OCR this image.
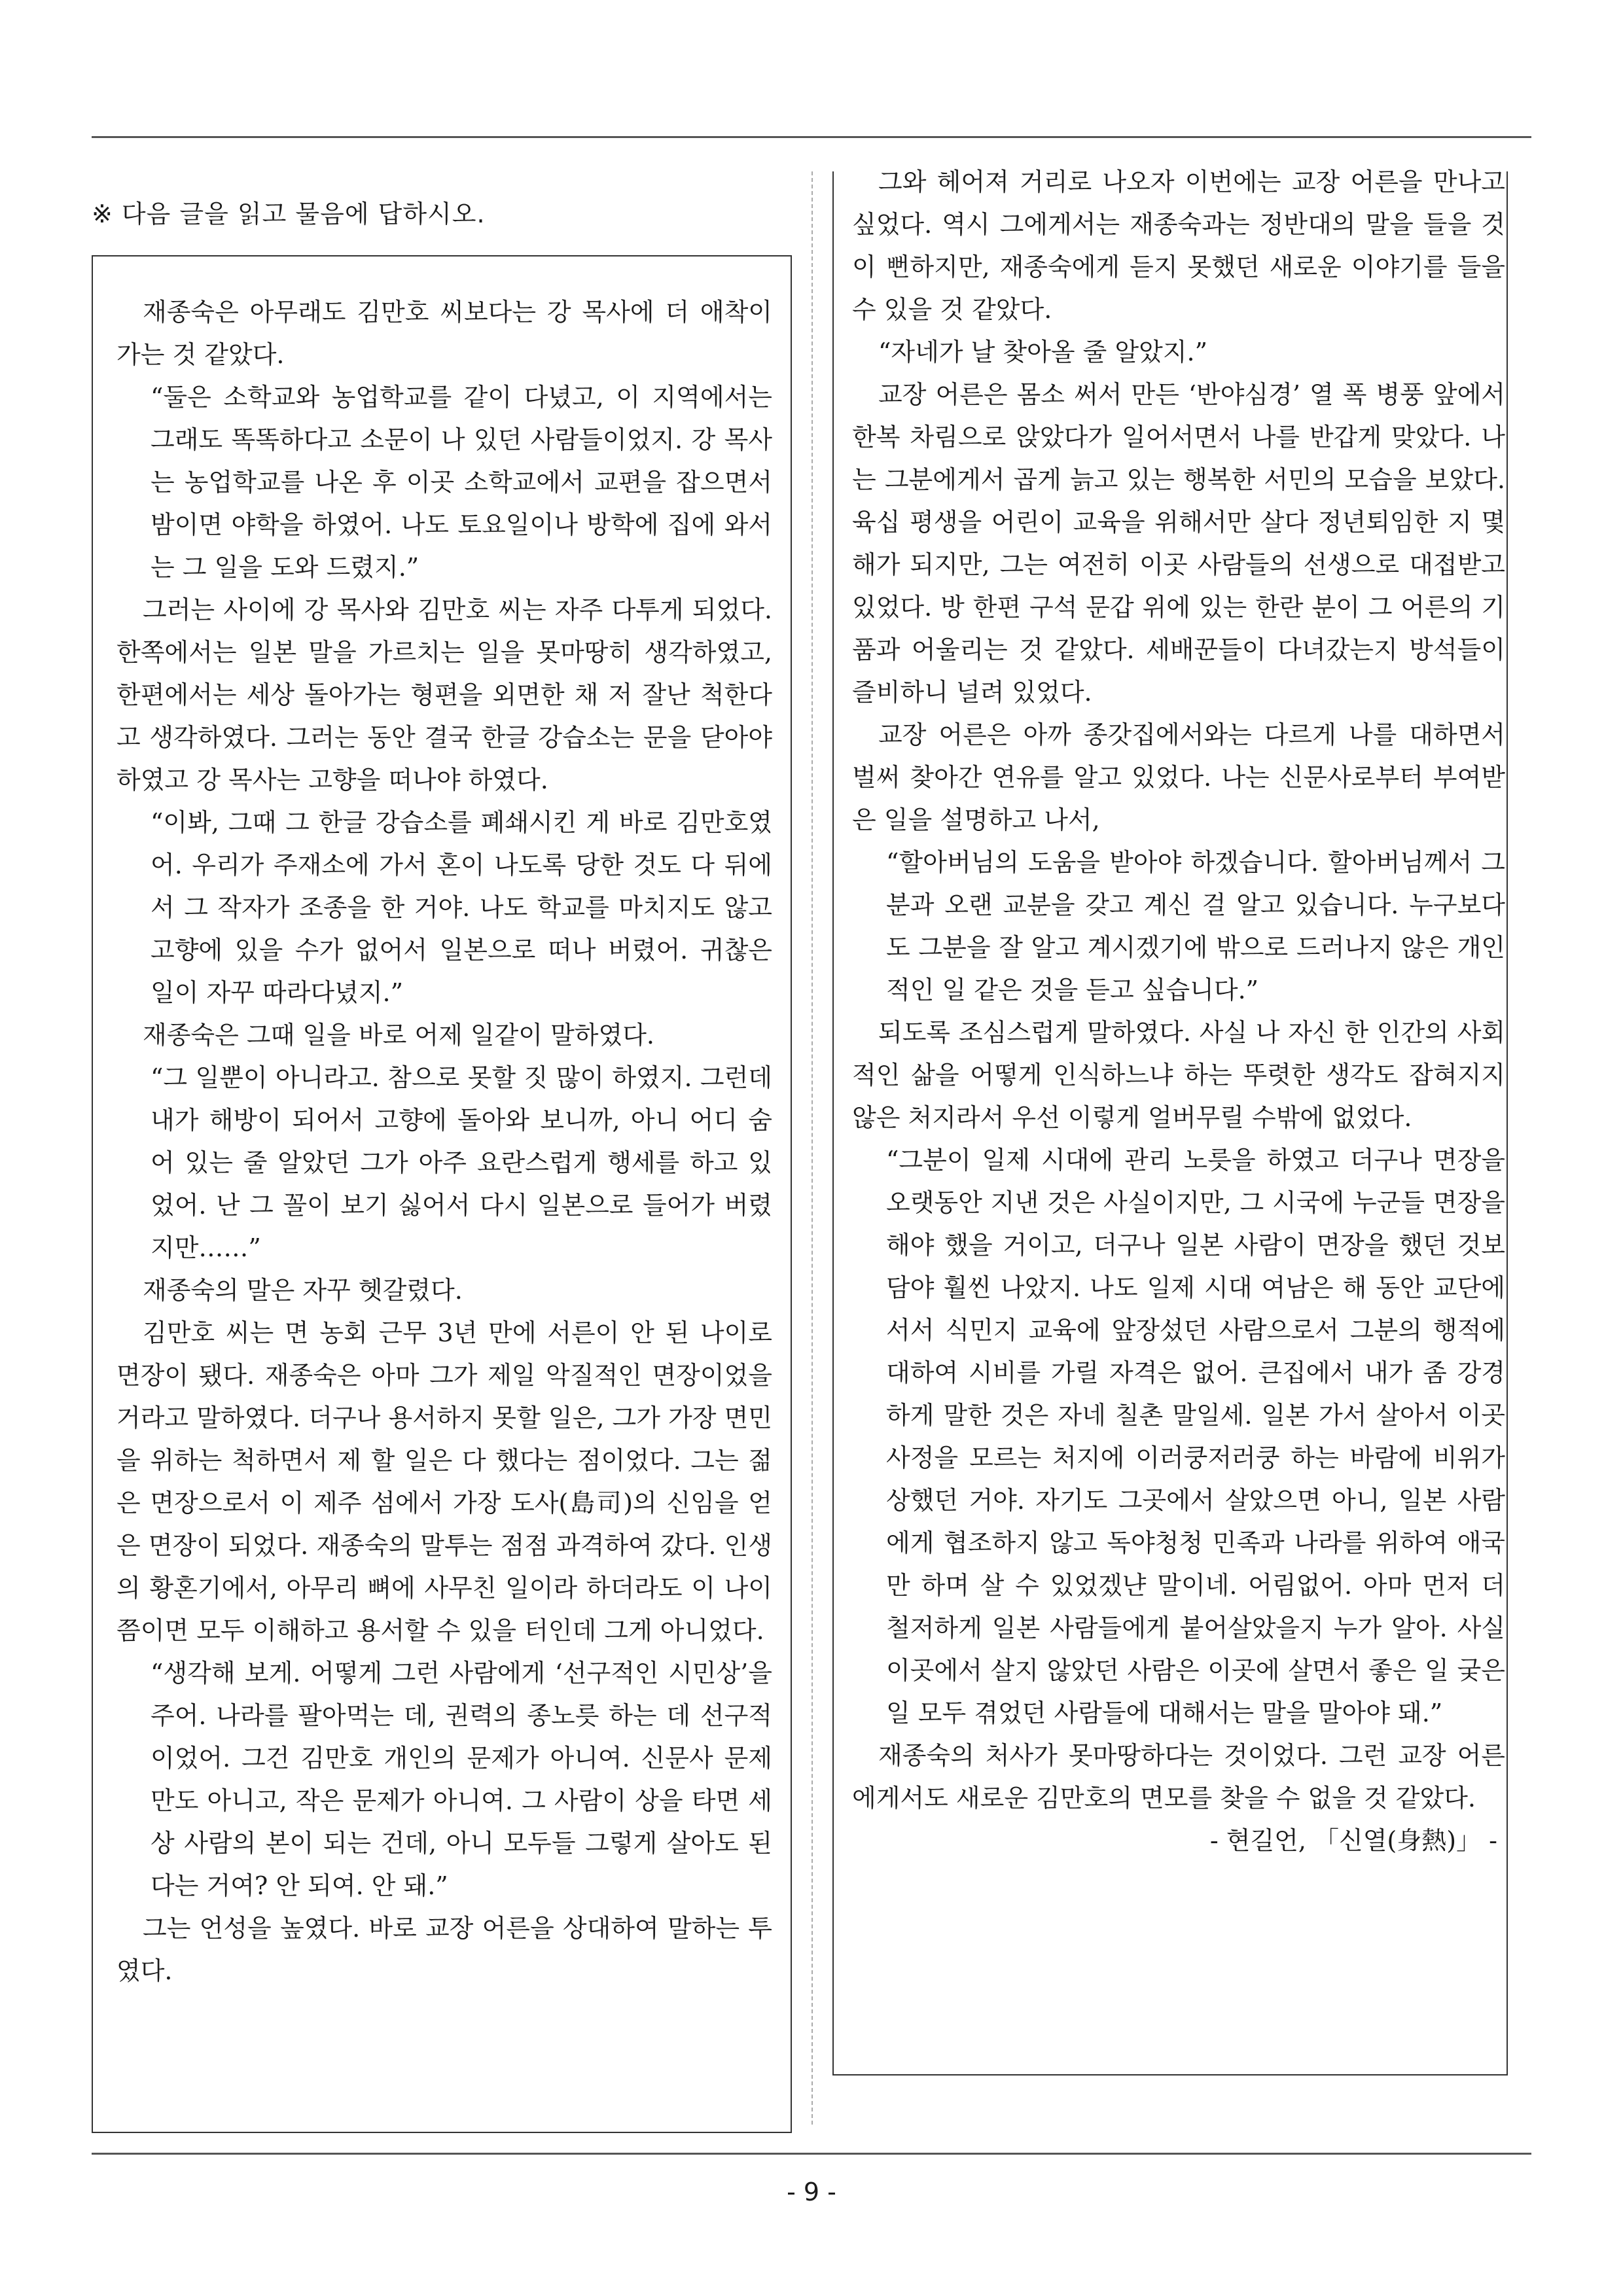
※ 다음 글을 읽고 물음에 답하시오.

재종숙은 아무래도 김만호 씨보다는 강 목사에 더 애착이 가는 것 같았다.

“둘은 소학교와 농업학교를 같이 다녔고, 이 지역에서는 그래도 똑똑하다고 소문이 나 있던 사람들이었지. 강 목사는 농업학교를 나온 후 이곳 소학교에서 교편을 잡으면서 밤이면 야학을 하였어. 나도 토요일이나 방학에 집에 와서는 그 일을 도와 드렸지.”

그러는 사이에 강 목사와 김만호 씨는 자주 다투게 되었다. 한쪽에서는 일본 말을 가르치는 일을 못마땅히 생각하였고, 한편에서는 세상 돌아가는 형편을 외면한 채 저 잘난 척한다고 생각하였다. 그러는 동안 결국 한글 강습소는 문을 닫아야 하였고 강 목사는 고향을 떠나야 하였다.

“이봐, 그때 그 한글 강습소를 폐쇄시킨 게 바로 김만호였어. 우리가 주재소에 가서 혼이 나도록 당한 것도 다 뒤에서 그 작자가 조종을 한 거야. 나도 학교를 마치지도 않고 고향에 있을 수가 없어서 일본으로 떠나 버렸어. 귀찮은 일이 자꾸 따라다녔지.”

재종숙은 그때 일을 바로 어제 일같이 말하였다.

“그 일뿐이 아니라고. 참으로 못할 짓 많이 하였지. 그런데 내가 해방이 되어서 고향에 돌아와 보니까, 아니 어디 숨어 있는 줄 알았던 그가 아주 요란스럽게 행세를 하고 있었어. 난 그 꼴이 보기 싫어서 다시 일본으로 들어가 버렸지만……”

재종숙의 말은 자꾸 헷갈렸다.

김만호 씨는 면 농회 근무 3년 만에 서른이 안 된 나이로 면장이 됐다. 재종숙은 아마 그가 제일 악질적인 면장이었을 거라고 말하였다. 더구나 용서하지 못할 일은, 그가 가장 면민을 위하는 척하면서 제 할 일은 다 했다는 점이었다. 그는 젊은 면장으로서 이 제주 섬에서 가장 도사(島司)의 신임을 얻은 면장이 되었다. 재종숙의 말투는 점점 과격하여 갔다. 인생의 황혼기에서, 아무리 뼈에 사무친 일이라 하더라도 이 나이쯤이면 모두 이해하고 용서할 수 있을 터인데 그게 아니었다.

“생각해 보게. 어떻게 그런 사람에게 ‘선구적인 시민상’을 주어. 나라를 팔아먹는 데, 권력의 종노릇 하는 데 선구적이었어. 그건 김만호 개인의 문제가 아니여. 신문사 문제만도 아니고, 작은 문제가 아니여. 그 사람이 상을 타면 세상 사람의 본이 되는 건데, 아니 모두들 그렇게 살아도 된다는 거여? 안 되여. 안 돼.”

그는 언성을 높였다. 바로 교장 어른을 상대하여 말하는 투였다.

그와 헤어져 거리로 나오자 이번에는 교장 어른을 만나고 싶었다. 역시 그에게서는 재종숙과는 정반대의 말을 들을 것이 뻔하지만, 재종숙에게 듣지 못했던 새로운 이야기를 들을 수 있을 것 같았다.

“자네가 날 찾아올 줄 알았지.”

교장 어른은 몸소 써서 만든 ‘반야심경’ 열 폭 병풍 앞에서 한복 차림으로 앉았다가 일어서면서 나를 반갑게 맞았다. 나는 그분에게서 곱게 늙고 있는 행복한 서민의 모습을 보았다. 육십 평생을 어린이 교육을 위해서만 살다 정년퇴임한 지 몇 해가 되지만, 그는 여전히 이곳 사람들의 선생으로 대접받고 있었다. 방 한편 구석 문갑 위에 있는 한란 분이 그 어른의 기품과 어울리는 것 같았다. 세배꾼들이 다녀갔는지 방석들이 즐비하니 널려 있었다.

교장 어른은 아까 종갓집에서와는 다르게 나를 대하면서 벌써 찾아간 연유를 알고 있었다. 나는 신문사로부터 부여받은 일을 설명하고 나서,

“할아버님의 도움을 받아야 하겠습니다. 할아버님께서 그분과 오랜 교분을 갖고 계신 걸 알고 있습니다. 누구보다도 그분을 잘 알고 계시겠기에 밖으로 드러나지 않은 개인적인 일 같은 것을 듣고 싶습니다.”

되도록 조심스럽게 말하였다. 사실 나 자신 한 인간의 사회적인 삶을 어떻게 인식하느냐 하는 뚜렷한 생각도 잡혀지지 않은 처지라서 우선 이렇게 얼버무릴 수밖에 없었다.

“그분이 일제 시대에 관리 노릇을 하였고 더구나 면장을 오랫동안 지낸 것은 사실이지만, 그 시국에 누군들 면장을 해야 했을 거이고, 더구나 일본 사람이 면장을 했던 것보담야 훨씬 나았지. 나도 일제 시대 여남은 해 동안 교단에 서서 식민지 교육에 앞장섰던 사람으로서 그분의 행적에 대하여 시비를 가릴 자격은 없어. 큰집에서 내가 좀 강경하게 말한 것은 자네 칠촌 말일세. 일본 가서 살아서 이곳 사정을 모르는 처지에 이러쿵저러쿵 하는 바람에 비위가 상했던 거야. 자기도 그곳에서 살았으면 아니, 일본 사람에게 협조하지 않고 독야청청 민족과 나라를 위하여 애국만 하며 살 수 있었겠냔 말이네. 어림없어. 아마 먼저 더 철저하게 일본 사람들에게 붙어살았을지 누가 알아. 사실 이곳에서 살지 않았던 사람은 이곳에 살면서 좋은 일 궂은 일 모두 겪었던 사람들에 대해서는 말을 말아야 돼.”

재종숙의 처사가 못마땅하다는 것이었다. 그런 교장 어른에게서도 새로운 김만호의 면모를 찾을 수 없을 것 같았다.

- 현길언, 「신열(身熱)」 -

- 9 -
